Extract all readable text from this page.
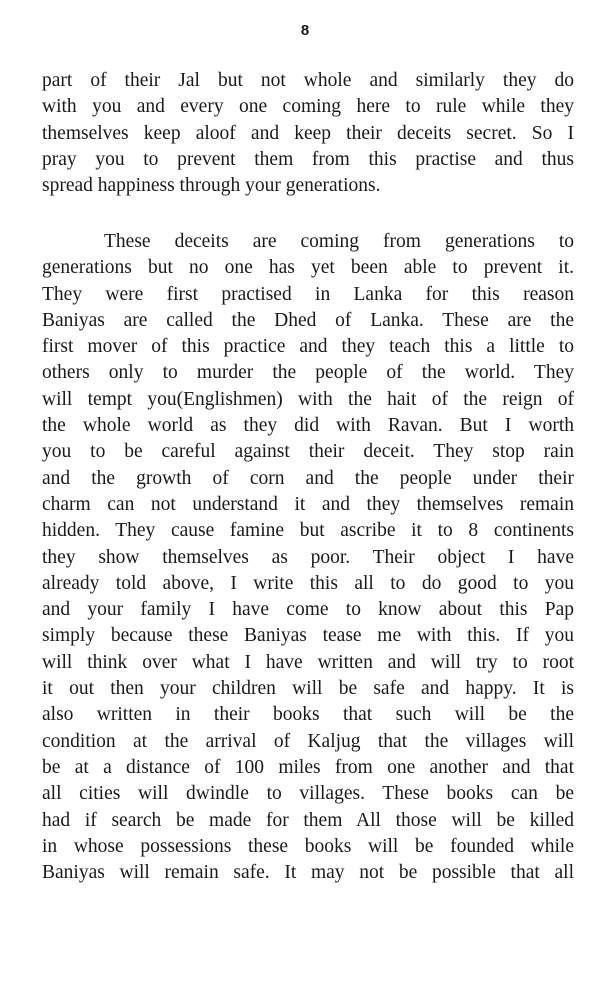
8
part of their Jal but not whole and similarly they do
with you and every one coming here to rule while they
themselves keep aloof and keep their deceits secret. So I
pray you to prevent them from this practise and thus
spread happiness through your generations.
These deceits are coming from generations to
generations but no one has yet been able to prevent it.
They were first practised in Lanka for this reason
Baniyas are called the Dhed of Lanka. These are the
first mover of this practice and they teach this a little to
others only to murder the people of the world. They
will tempt you(Englishmen) with the hait of the reign of
the whole world as they did with Ravan. But I worth
you to be careful against their deceit. They stop rain
and the growth of corn and the people under their
charm can not understand it and they themselves remain
hidden. They cause famine but ascribe it to 8 continents
they show themselves as poor. Their object I have
already told above, I write this all to do good to you
and your family I have come to know about this Pap
simply because these Baniyas tease me with this. If you
will think over what I have written and will try to root
it out then your children will be safe and happy. It is
also written in their books that such will be the
condition at the arrival of Kaljug that the villages will
be at a distance of 100 miles from one another and that
all cities will dwindle to villages. These books can be
had if search be made for them All those will be killed
in whose possessions these books will be founded while
Baniyas will remain safe. It may not be possible that all
